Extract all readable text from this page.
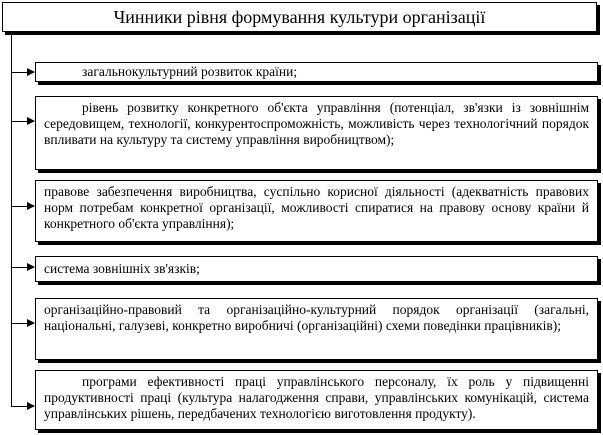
Чинники рівня формування культури організації
загальнокультурний розвиток країни;
рівень розвитку конкретного об'єкта управління (потенціал, зв'язки із зовнішнім середовищем, технології, конкурентоспроможність, можливість через технологічний порядок впливати на культуру та систему управління виробництвом);
правове забезпечення виробництва, суспільно корисної діяльності (адекватність правових норм потребам конкретної організації, можливості спиратися на правову основу країни й конкретного об'єкта управління);
система зовнішніх зв'язків;
організаційно-правовий та організаційно-культурний порядок організації (загальні, національні, галузеві, конкретно виробничі (організаційні) схеми поведінки працівників);
програми ефективності праці управлінського персоналу, їх роль у підвищенні продуктивності праці (культура налагодження справи, управлінських комунікацій, система управлінських рішень, передбачених технологією виготовлення продукту).
